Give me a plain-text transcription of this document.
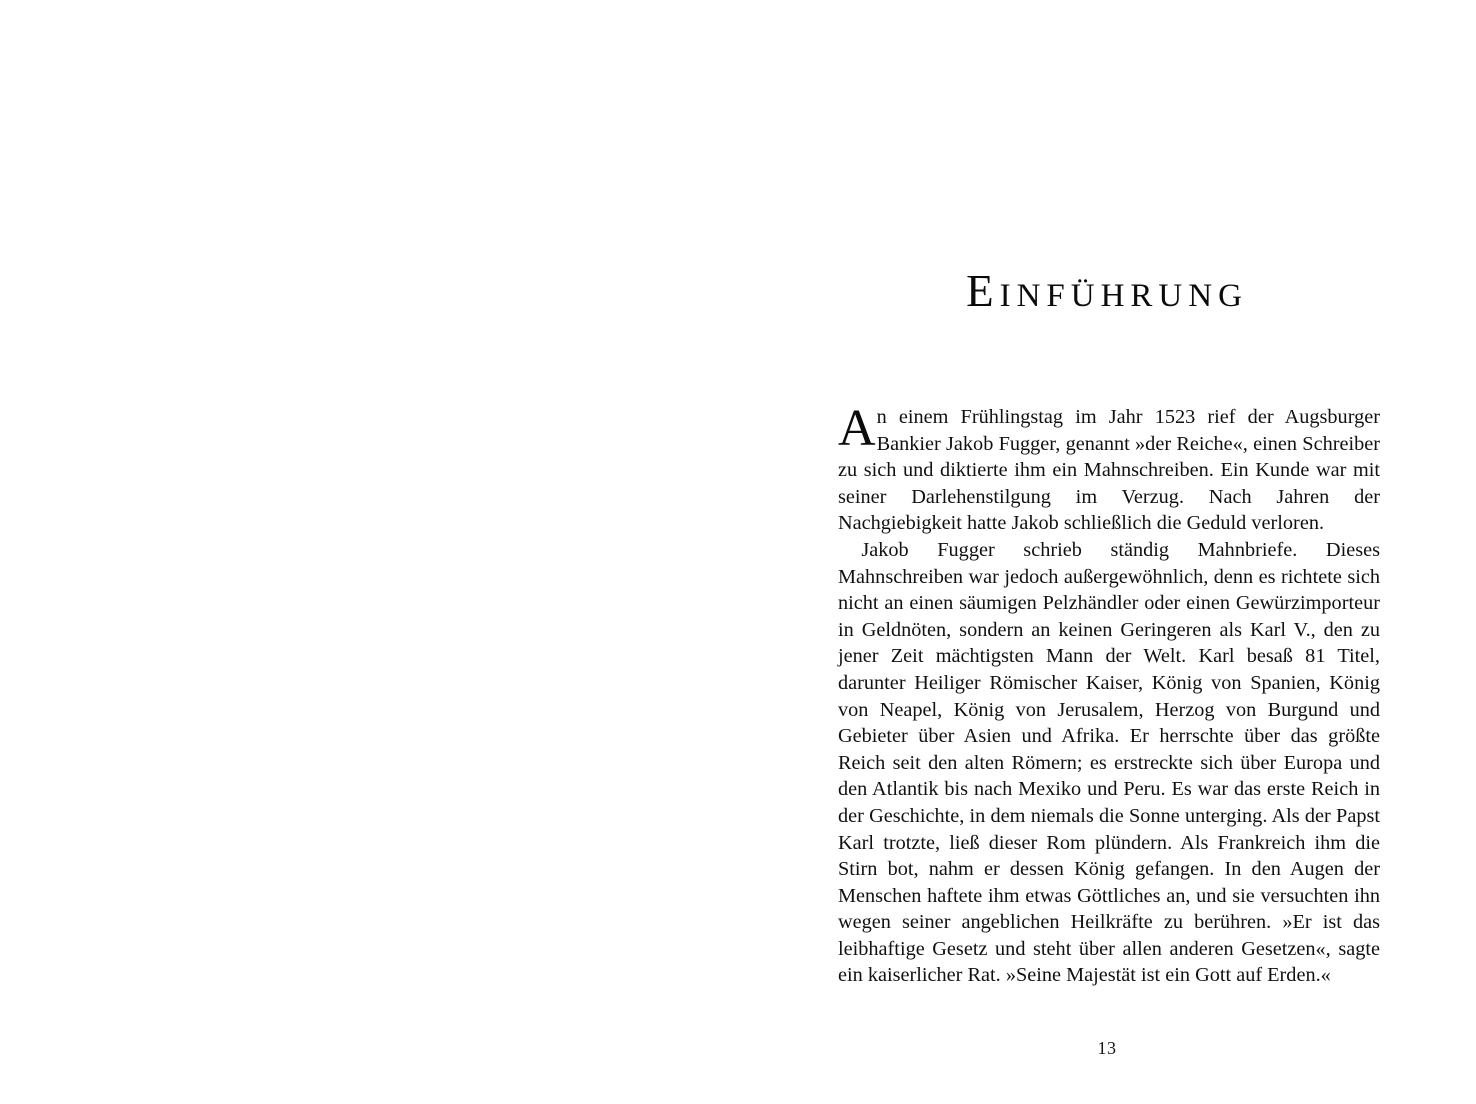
EINFÜHRUNG

An einem Frühlingstag im Jahr 1523 rief der Augsburger Bankier Jakob Fugger, genannt »der Reiche«, einen Schreiber zu sich und diktierte ihm ein Mahnschreiben. Ein Kunde war mit seiner Darlehenstilgung im Verzug. Nach Jahren der Nachgiebigkeit hatte Jakob schließlich die Geduld verloren.

Jakob Fugger schrieb ständig Mahnbriefe. Dieses Mahnschreiben war jedoch außergewöhnlich, denn es richtete sich nicht an einen säumigen Pelzhändler oder einen Gewürzimporteur in Geldnöten, sondern an keinen Geringeren als Karl V., den zu jener Zeit mächtigsten Mann der Welt. Karl besaß 81 Titel, darunter Heiliger Römischer Kaiser, König von Spanien, König von Neapel, König von Jerusalem, Herzog von Burgund und Gebieter über Asien und Afrika. Er herrschte über das größte Reich seit den alten Römern; es erstreckte sich über Europa und den Atlantik bis nach Mexiko und Peru. Es war das erste Reich in der Geschichte, in dem niemals die Sonne unterging. Als der Papst Karl trotzte, ließ dieser Rom plündern. Als Frankreich ihm die Stirn bot, nahm er dessen König gefangen. In den Augen der Menschen haftete ihm etwas Göttliches an, und sie versuchten ihn wegen seiner angeblichen Heilkräfte zu berühren. »Er ist das leibhaftige Gesetz und steht über allen anderen Gesetzen«, sagte ein kaiserlicher Rat. »Seine Majestät ist ein Gott auf Erden.«

13
